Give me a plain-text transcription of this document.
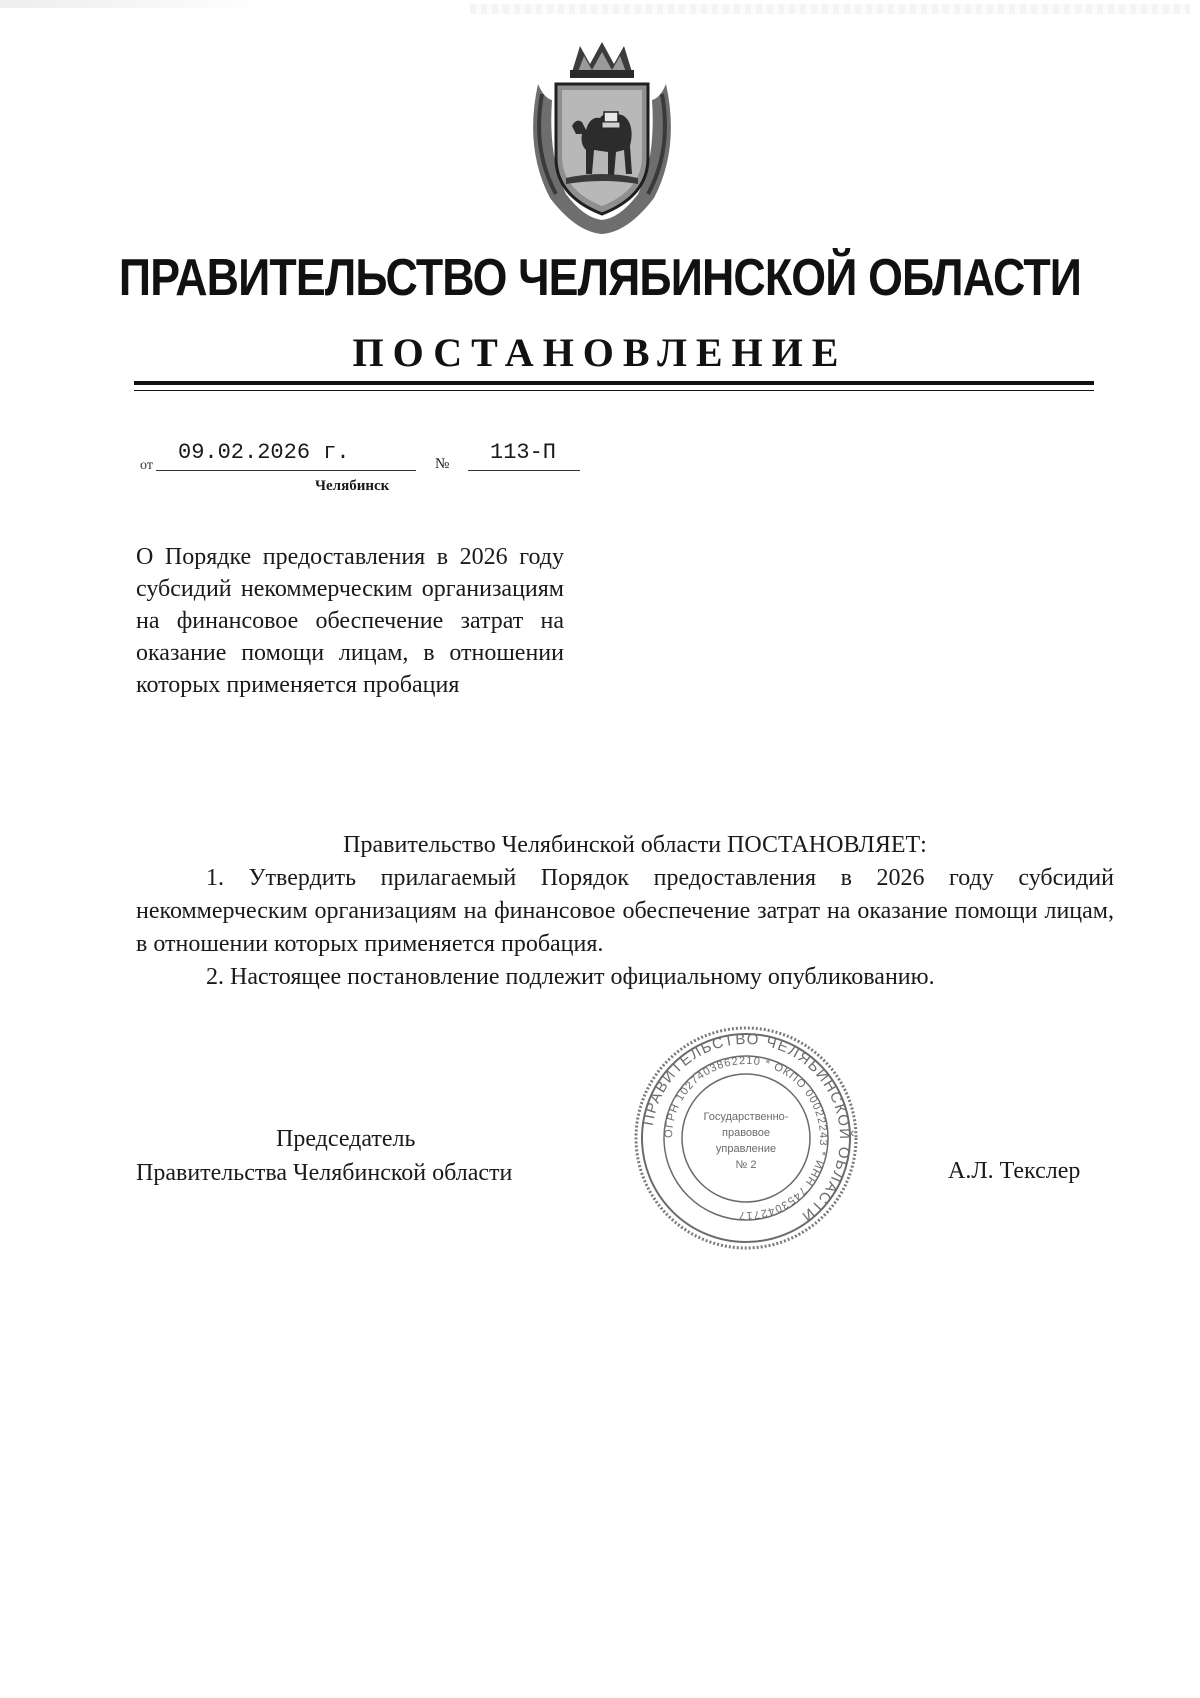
ПРАВИТЕЛЬСТВО ЧЕЛЯБИНСКОЙ ОБЛАСТИ
ПОСТАНОВЛЕНИЕ
от
09.02.2026 г.	№ 113-П
Челябинск
О Порядке предоставления в 2026 году субсидий некоммерческим организациям на финансовое обеспечение затрат на оказание помощи лицам, в отношении которых применяется пробация
Правительство Челябинской области ПОСТАНОВЛЯЕТ:
1. Утвердить прилагаемый Порядок предоставления в 2026 году субсидий некоммерческим организациям на финансовое обеспечение затрат на оказание помощи лицам, в отношении которых применяется пробация.
2. Настоящее постановление подлежит официальному опубликованию.
Председатель
Правительства Челябинской области	А.Л. Текслер
ПРАВИТЕЛЬСТВО ЧЕЛЯБИНСКОЙ ОБЛАСТИ
ОГРН 1027403862210 * ОКПО 00022243 * ИНН 7453042717
Государственно-
правовое
управление
№ 2
